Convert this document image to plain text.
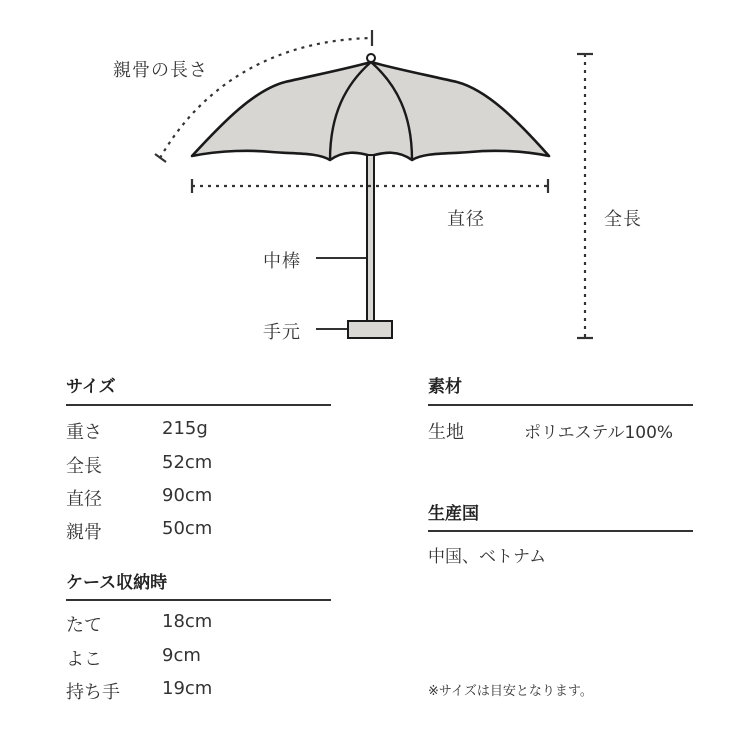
親骨の長さ
直径	全長
中棒
手元
サイズ
重さ	215g
全長	52cm
直径	90cm
親骨	50cm
ケース収納時
たて	18cm
よこ	9cm
持ち手 19cm
素材
生地	ポリエステル100%
生産国
中国、ベトナム
※サイズは目安となります。
